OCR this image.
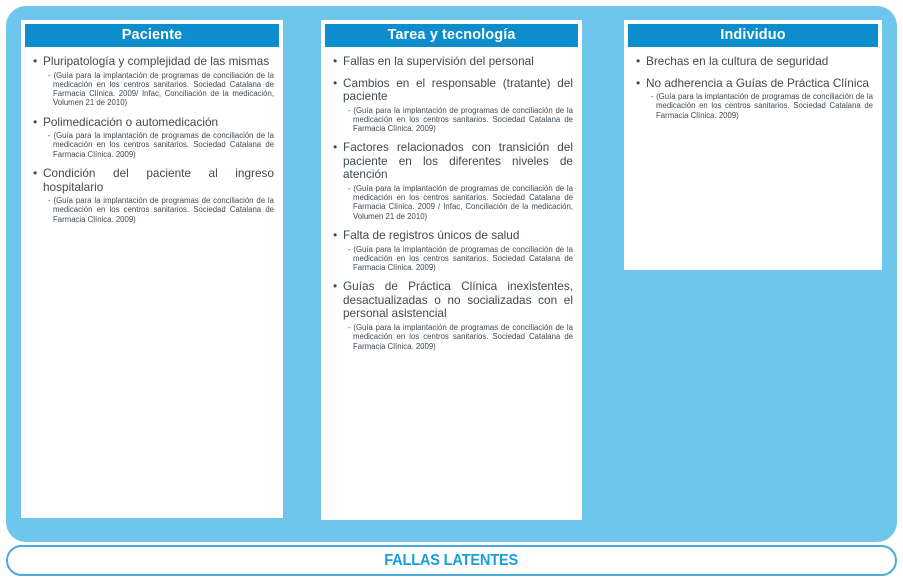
Paciente
• Pluripatología y complejidad de las mismas
- (Guía para la implantación de programas de conciliación de la medicación en los centros sanitarios. Sociedad Catalana de Farmacia Clínica. 2009/ Infac, Conciliación de la medicación, Volumen 21 de 2010)
• Polimedicación o automedicación
- (Guía para la implantación de programas de conciliación de la medicación en los centros sanitarios. Sociedad Catalana de Farmacia Clínica. 2009)
• Condición del paciente al ingreso hospitalario
- (Guía para la implantación de programas de conciliación de la medicación en los centros sanitarios. Sociedad Catalana de Farmacia Clínica. 2009)
Tarea y tecnología
• Fallas en la supervisión del personal
• Cambios en el responsable (tratante) del paciente
- (Guía para la implantación de programas de conciliación de la medicación en los centros sanitarios. Sociedad Catalana de Farmacia Clínica. 2009)
• Factores relacionados con transición del paciente en los diferentes niveles de atención
- (Guía para la implantación de programas de conciliación de la medicación en los centros sanitarios. Sociedad Catalana de Farmacia Clínica. 2009 / Infac, Conciliación de la medicación, Volumen 21 de 2010)
• Falta de registros únicos de salud
- (Guía para la implantación de programas de conciliación de la medicación en los centros sanitarios. Sociedad Catalana de Farmacia Clínica. 2009)
• Guías de Práctica Clínica inexistentes, desactualizadas o no socializadas con el personal asistencial
- (Guía para la implantación de programas de conciliación de la medicación en los centros sanitarios. Sociedad Catalana de Farmacia Clínica. 2009)
Individuo
• Brechas en la cultura de seguridad
• No adherencia a Guías de Práctica Clínica
- (Guía para la implantación de programas de conciliación de la medicación en los centros sanitarios. Sociedad Catalana de Farmacia Clínica. 2009)
FALLAS LATENTES
